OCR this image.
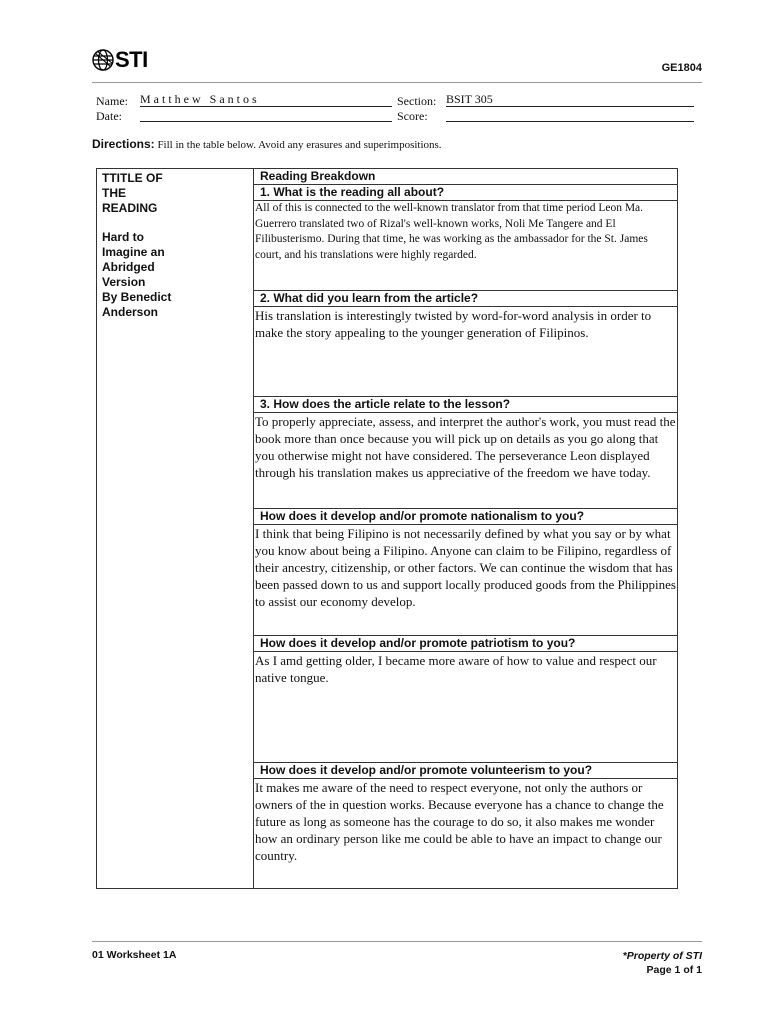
STI	GE1804
Name: M a t t h e w   S a n t o s	Section: BSIT 305
Date:	Score:
Directions: Fill in the table below. Avoid any erasures and superimpositions.
TTITLE OF
THE
READING
Hard to
Imagine an
Abridged
Version
By Benedict
Anderson
	Reading Breakdown
1. What is the reading all about?
All of this is connected to the well-known translator from that time period Leon Ma. Guerrero translated two of Rizal's well-known works, Noli Me Tangere and El Filibusterismo. During that time, he was working as the ambassador for the St. James court, and his translations were highly regarded.
2. What did you learn from the article?
His translation is interestingly twisted by word-for-word analysis in order to make the story appealing to the younger generation of Filipinos.
3. How does the article relate to the lesson?
To properly appreciate, assess, and interpret the author's work, you must read the book more than once because you will pick up on details as you go along that you otherwise might not have considered. The perseverance Leon displayed through his translation makes us appreciative of the freedom we have today.
How does it develop and/or promote nationalism to you?
I think that being Filipino is not necessarily defined by what you say or by what you know about being a Filipino. Anyone can claim to be Filipino, regardless of their ancestry, citizenship, or other factors. We can continue the wisdom that has been passed down to us and support locally produced goods from the Philippines to assist our economy develop.
How does it develop and/or promote patriotism to you?
As I amd getting older, I became more aware of how to value and respect our native tongue.
How does it develop and/or promote volunteerism to you?
It makes me aware of the need to respect everyone, not only the authors or owners of the in question works. Because everyone has a chance to change the future as long as someone has the courage to do so, it also makes me wonder how an ordinary person like me could be able to have an impact to change our country.
01 Worksheet 1A	*Property of STI
Page 1 of 1
